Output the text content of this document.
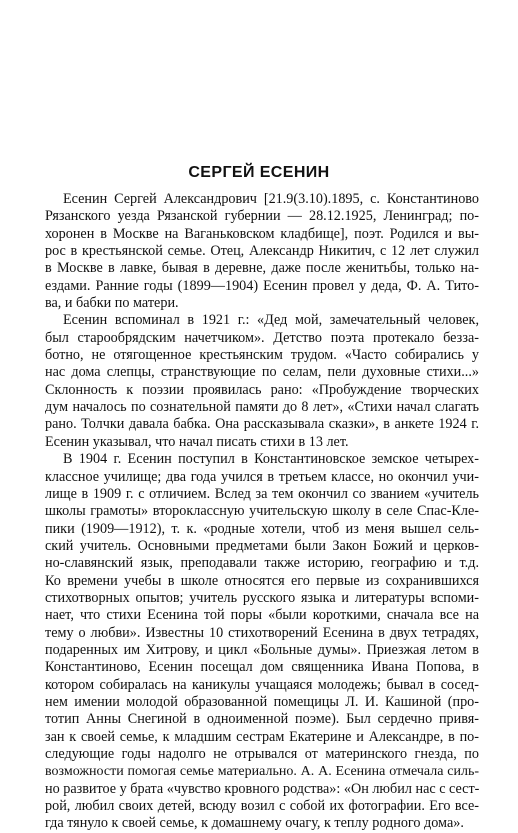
СЕРГЕЙ ЕСЕНИН
Есенин Сергей Александрович [21.9(3.10).1895, с. Константиново
Рязанского уезда Рязанской губернии — 28.12.1925, Ленинград; по-
хоронен в Москве на Ваганьковском кладбище], поэт. Родился и вы-
рос в крестьянской семье. Отец, Александр Никитич, с 12 лет служил
в Москве в лавке, бывая в деревне, даже после женитьбы, только на-
ездами. Ранние годы (1899—1904) Есенин провел у деда, Ф. А. Тито-
ва, и бабки по матери.
Есенин вспоминал в 1921 г.: «Дед мой, замечательный человек,
был старообрядским начетчиком». Детство поэта протекало безза-
ботно, не отягощенное крестьянским трудом. «Часто собирались у
нас дома слепцы, странствующие по селам, пели духовные стихи...»
Склонность к поэзии проявилась рано: «Пробуждение творческих
дум началось по сознательной памяти до 8 лет», «Стихи начал слагать
рано. Толчки давала бабка. Она рассказывала сказки», в анкете 1924 г.
Есенин указывал, что начал писать стихи в 13 лет.
В 1904 г. Есенин поступил в Константиновское земское четырех-
классное училище; два года учился в третьем классе, но окончил учи-
лище в 1909 г. с отличием. Вслед за тем окончил со званием «учитель
школы грамоты» второклассную учительскую школу в селе Спас-Кле-
пики (1909—1912), т. к. «родные хотели, чтоб из меня вышел сель-
ский учитель. Основными предметами были Закон Божий и церков-
но-славянский язык, преподавали также историю, географию и т.д.
Ко времени учебы в школе относятся его первые из сохранившихся
стихотворных опытов; учитель русского языка и литературы вспоми-
нает, что стихи Есенина той поры «были короткими, сначала все на
тему о любви». Известны 10 стихотворений Есенина в двух тетрадях,
подаренных им Хитрову, и цикл «Больные думы». Приезжая летом в
Константиново, Есенин посещал дом священника Ивана Попова, в
котором собиралась на каникулы учащаяся молодежь; бывал в сосед-
нем имении молодой образованной помещицы Л. И. Кашиной (про-
тотип Анны Снегиной в одноименной поэме). Был сердечно привя-
зан к своей семье, к младшим сестрам Екатерине и Александре, в по-
следующие годы надолго не отрывался от материнского гнезда, по
возможности помогая семье материально. А. А. Есенина отмечала силь-
но развитое у брата «чувство кровного родства»: «Он любил нас с сест-
рой, любил своих детей, всюду возил с собой их фотографии. Его все-
гда тянуло к своей семье, к домашнему очагу, к теплу родного дома».
